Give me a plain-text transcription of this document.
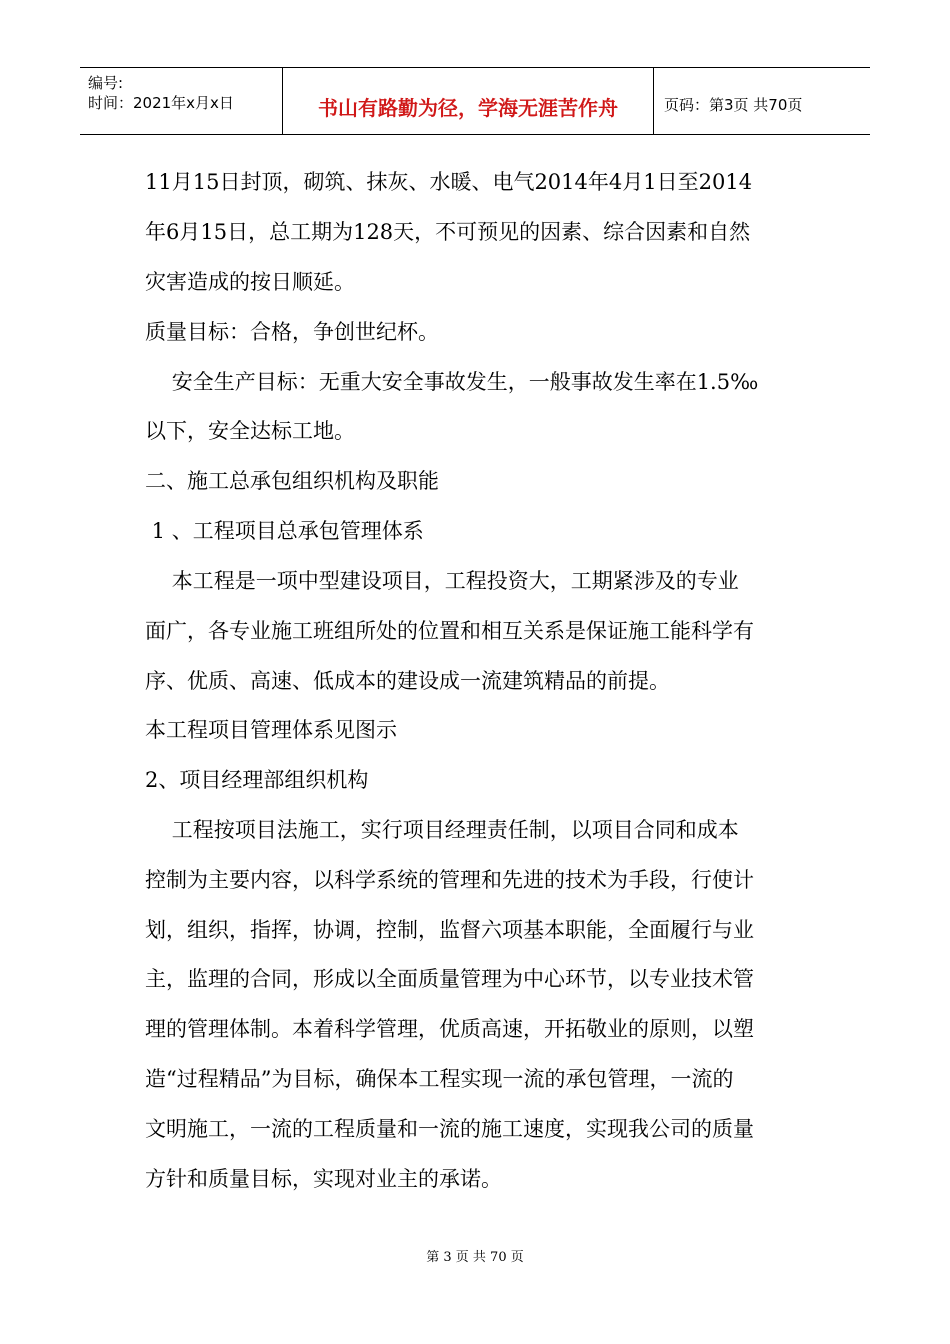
编号:
时间：2021年x月x日	书山有路勤为径，学海无涯苦作舟	页码：第3页 共70页
11月15日封顶，砌筑、抹灰、水暖、电气2014年4月1日至2014
年6月15日，总工期为128天，不可预见的因素、综合因素和自然
灾害造成的按日顺延。
质量目标：合格，争创世纪杯。
安全生产目标：无重大安全事故发生，一般事故发生率在1.5‰
以下，安全达标工地。
二、施工总承包组织机构及职能
1 、工程项目总承包管理体系
本工程是一项中型建设项目，工程投资大，工期紧涉及的专业
面广，各专业施工班组所处的位置和相互关系是保证施工能科学有
序、优质、高速、低成本的建设成一流建筑精品的前提。
本工程项目管理体系见图示
2、项目经理部组织机构
工程按项目法施工，实行项目经理责任制，以项目合同和成本
控制为主要内容，以科学系统的管理和先进的技术为手段，行使计
划，组织，指挥，协调，控制，监督六项基本职能，全面履行与业
主，监理的合同，形成以全面质量管理为中心环节，以专业技术管
理的管理体制。本着科学管理，优质高速，开拓敬业的原则，以塑
造“过程精品”为目标，确保本工程实现一流的承包管理，一流的
文明施工，一流的工程质量和一流的施工速度，实现我公司的质量
方针和质量目标，实现对业主的承诺。
第 3 页 共 70 页
